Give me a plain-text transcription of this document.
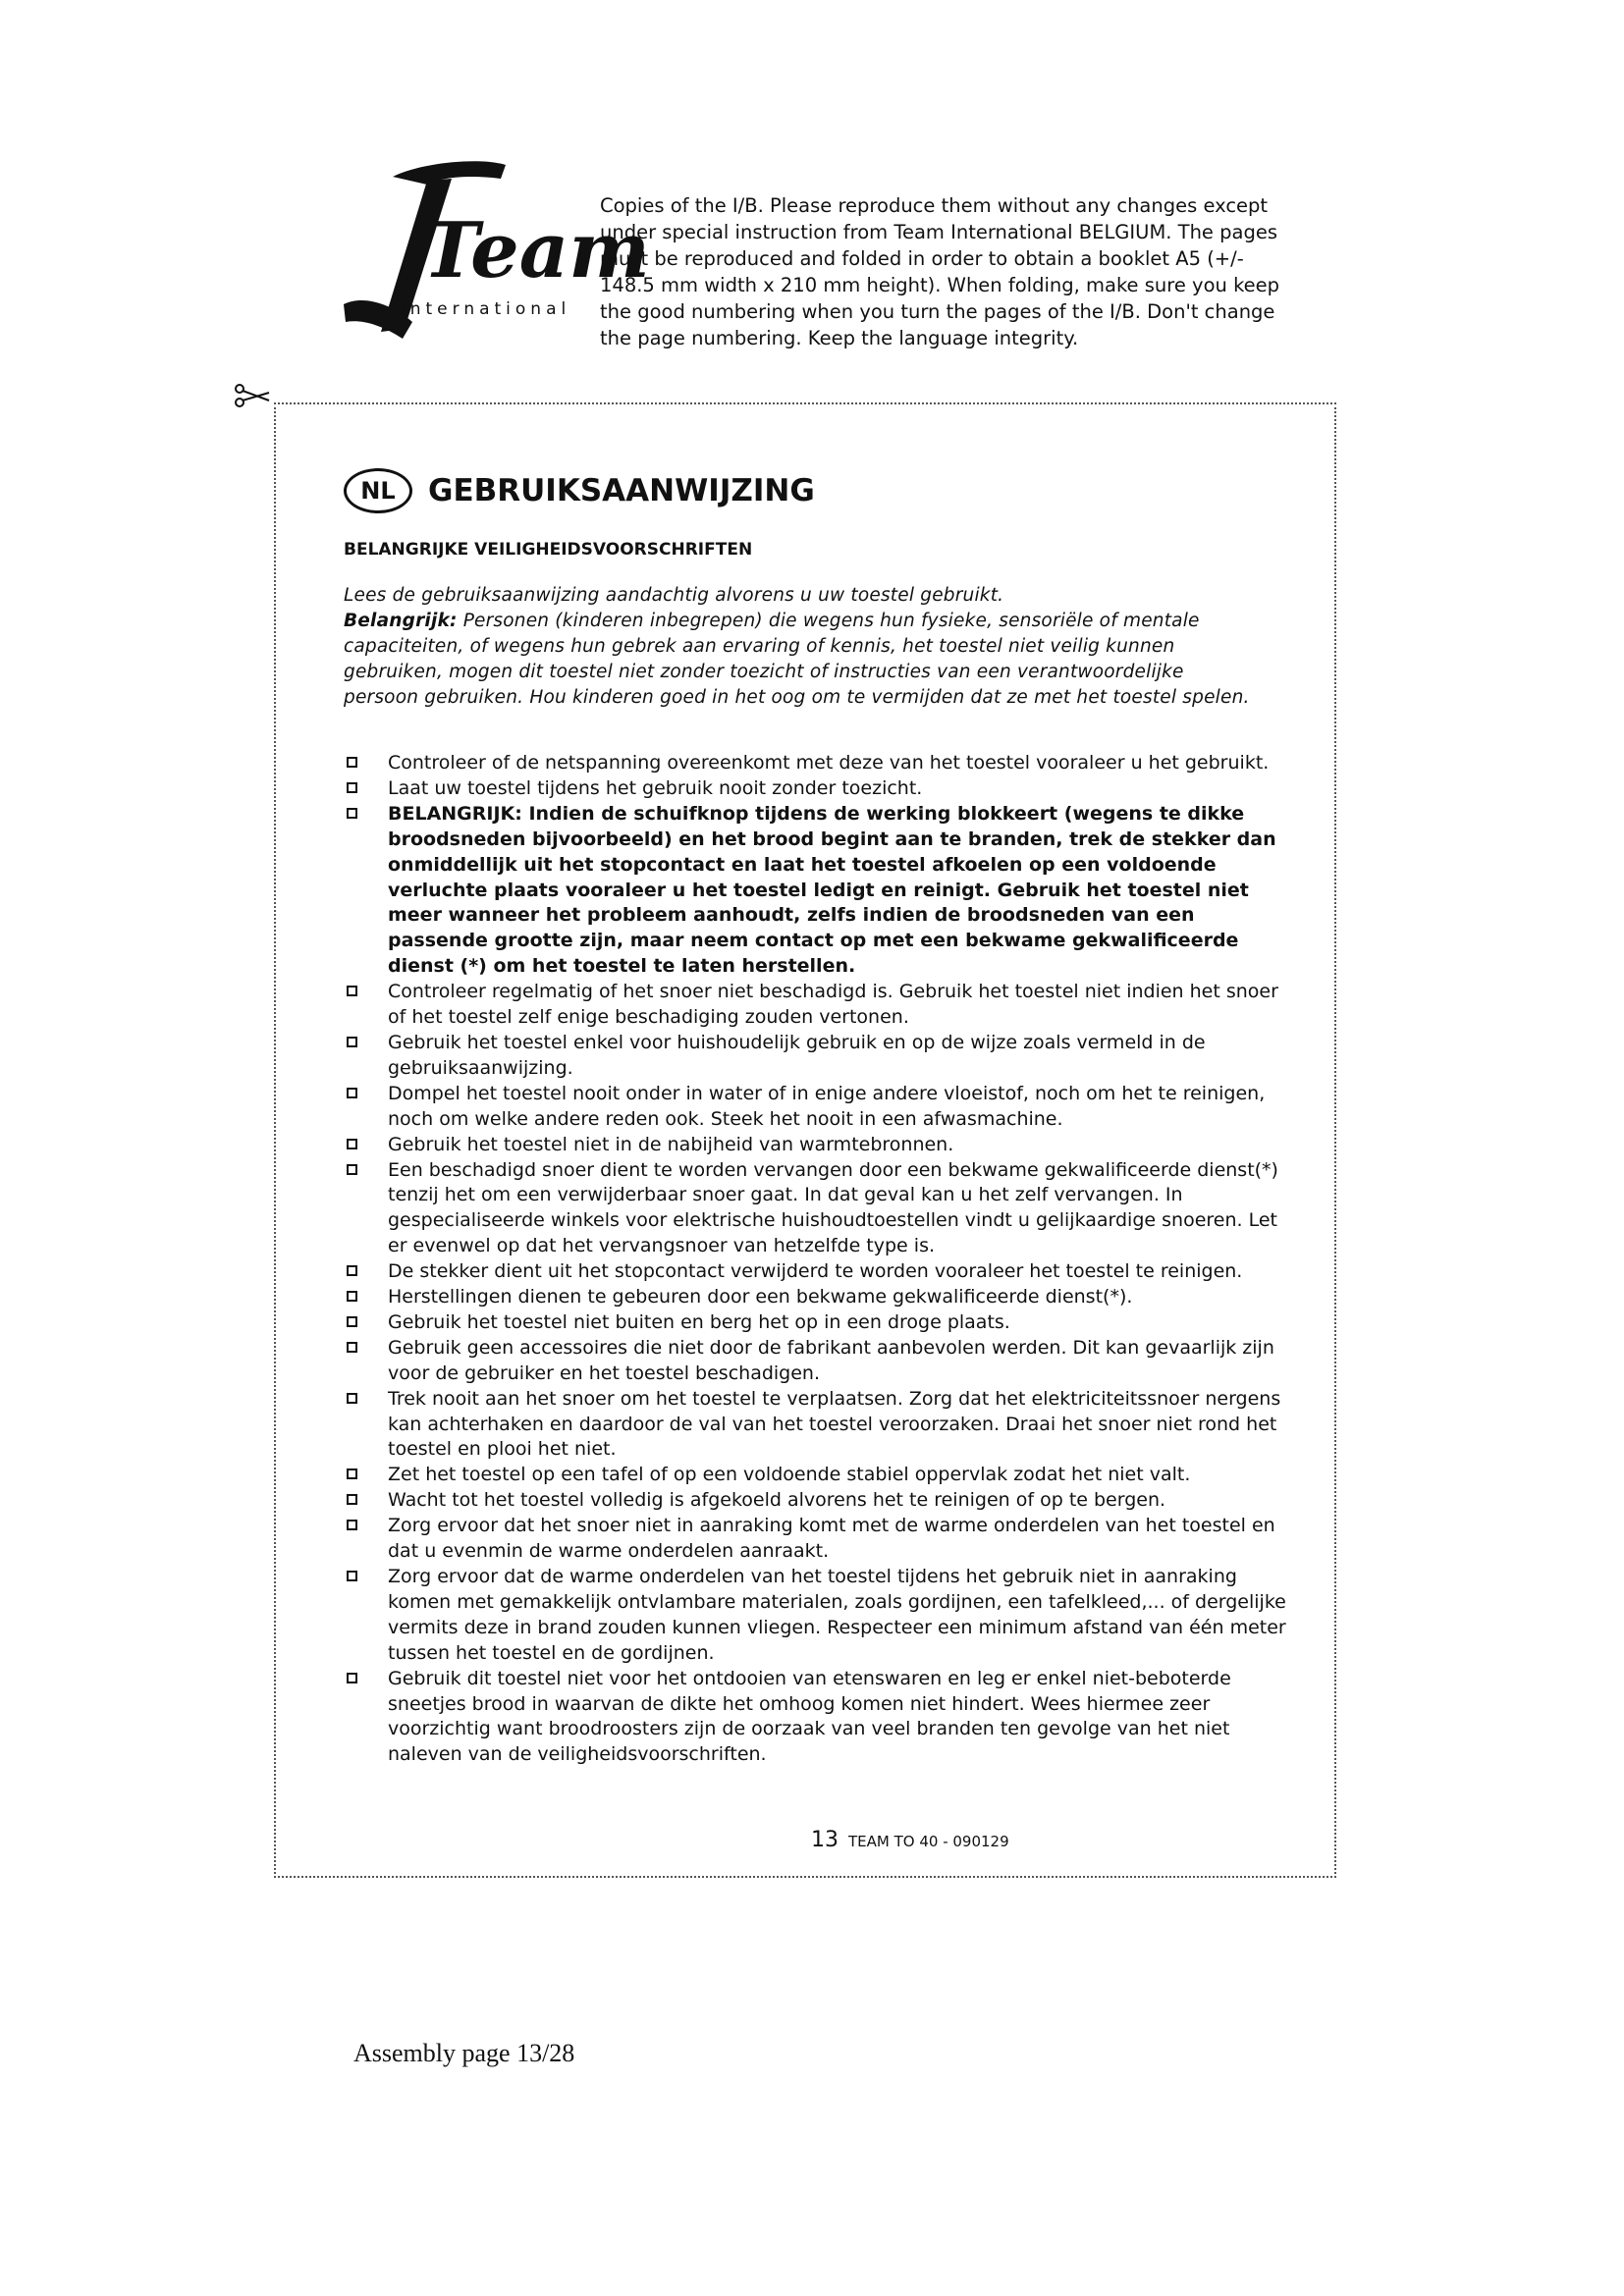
Team
international

Copies of the I/B. Please reproduce them without any changes except under special instruction from Team International BELGIUM. The pages must be reproduced and folded in order to obtain a booklet A5 (+/- 148.5 mm width x 210 mm height). When folding, make sure you keep the good numbering when you turn the pages of the I/B. Don't change the page numbering. Keep the language integrity.

NL	GEBRUIKSAANWIJZING
BELANGRIJKE VEILIGHEIDSVOORSCHRIFTEN

Lees de gebruiksaanwijzing aandachtig alvorens u uw toestel gebruikt.

Belangrijk: Personen (kinderen inbegrepen) die wegens hun fysieke, sensoriële of mentale capaciteiten, of wegens hun gebrek aan ervaring of kennis, het toestel niet veilig kunnen gebruiken, mogen dit toestel niet zonder toezicht of instructies van een verantwoordelijke persoon gebruiken. Hou kinderen goed in het oog om te vermijden dat ze met het toestel spelen.

Controleer of de netspanning overeenkomt met deze van het toestel vooraleer u het gebruikt.
Laat uw toestel tijdens het gebruik nooit zonder toezicht.
BELANGRIJK: Indien de schuifknop tijdens de werking blokkeert (wegens te dikke broodsneden bijvoorbeeld) en het brood begint aan te branden, trek de stekker dan onmiddellijk uit het stopcontact en laat het toestel afkoelen op een voldoende verluchte plaats vooraleer u het toestel ledigt en reinigt. Gebruik het toestel niet meer wanneer het probleem aanhoudt, zelfs indien de broodsneden van een passende grootte zijn, maar neem contact op met een bekwame gekwalificeerde dienst (*) om het toestel te laten herstellen.
Controleer regelmatig of het snoer niet beschadigd is. Gebruik het toestel niet indien het snoer of het toestel zelf enige beschadiging zouden vertonen.
Gebruik het toestel enkel voor huishoudelijk gebruik en op de wijze zoals vermeld in de gebruiksaanwijzing.
Dompel het toestel nooit onder in water of in enige andere vloeistof, noch om het te reinigen, noch om welke andere reden ook. Steek het nooit in een afwasmachine.
Gebruik het toestel niet in de nabijheid van warmtebronnen.
Een beschadigd snoer dient te worden vervangen door een bekwame gekwalificeerde dienst(*) tenzij het om een verwijderbaar snoer gaat. In dat geval kan u het zelf vervangen. In gespecialiseerde winkels voor elektrische huishoudtoestellen vindt u gelijkaardige snoeren. Let er evenwel op dat het vervangsnoer van hetzelfde type is.
De stekker dient uit het stopcontact verwijderd te worden vooraleer het toestel te reinigen.
Herstellingen dienen te gebeuren door een bekwame gekwalificeerde dienst(*).
Gebruik het toestel niet buiten en berg het op in een droge plaats.
Gebruik geen accessoires die niet door de fabrikant aanbevolen werden. Dit kan gevaarlijk zijn voor de gebruiker en het toestel beschadigen.
Trek nooit aan het snoer om het toestel te verplaatsen. Zorg dat het elektriciteitssnoer nergens kan achterhaken en daardoor de val van het toestel veroorzaken. Draai het snoer niet rond het toestel en plooi het niet.
Zet het toestel op een tafel of op een voldoende stabiel oppervlak zodat het niet valt.
Wacht tot het toestel volledig is afgekoeld alvorens het te reinigen of op te bergen.
Zorg ervoor dat het snoer niet in aanraking komt met de warme onderdelen van het toestel en dat u evenmin de warme onderdelen aanraakt.
Zorg ervoor dat de warme onderdelen van het toestel tijdens het gebruik niet in aanraking komen met gemakkelijk ontvlambare materialen, zoals gordijnen, een tafelkleed,... of dergelijke vermits deze in brand zouden kunnen vliegen. Respecteer een minimum afstand van één meter tussen het toestel en de gordijnen.
Gebruik dit toestel niet voor het ontdooien van etenswaren en leg er enkel niet-beboterde sneetjes brood in waarvan de dikte het omhoog komen niet hindert. Wees hiermee zeer voorzichtig want broodroosters zijn de oorzaak van veel branden ten gevolge van het niet naleven van de veiligheidsvoorschriften.
13 TEAM TO 40 - 090129
Assembly page 13/28
